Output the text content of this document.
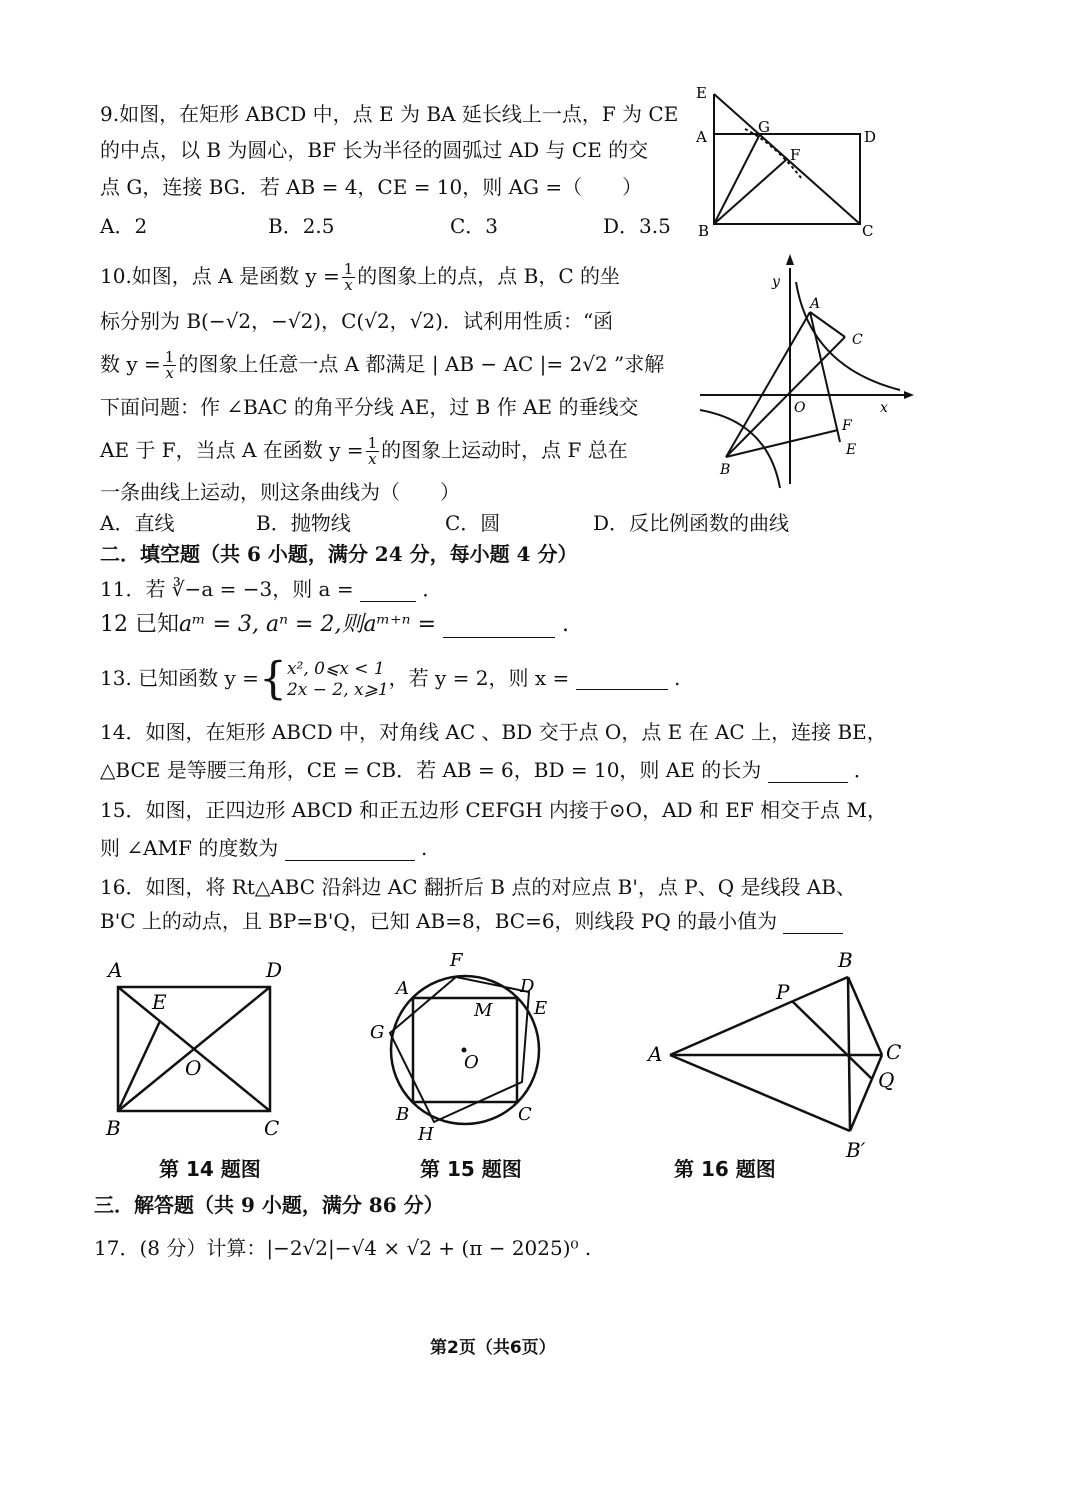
9.如图，在矩形 ABCD 中，点 E 为 BA 延长线上一点，F 为 CE
的中点，以 B 为圆心，BF 长为半径的圆弧过 AD 与 CE 的交
点 G，连接 BG．若 AB = 4，CE = 10，则 AG =（　　）
A．2	B．2.5	C．3	D．3.5
E
A
G
D
F
B	C
10.如图，点 A 是函数 $y = \frac{1}{x}$ 的图象上的点，点 B，C 的坐
标分别为 B(−√2，−√2)，C(√2，√2)．试利用性质：“函
数 $y = \frac{1}{x}$ 的图象上任意一点 A 都满足 | AB − AC |= 2√2 ”求解
下面问题：作 ∠BAC 的角平分线 AE，过 B 作 AE 的垂线交
AE 于 F，当点 A 在函数 $y = \frac{1}{x}$ 的图象上运动时，点 F 总在
一条曲线上运动，则这条曲线为（　　）
A．直线	B．抛物线	C．圆	D．反比例函数的曲线
y
A
C
O	x
F
E
B
二．填空题（共 6 小题，满分 24 分，每小题 4 分）
11．若 ∛−a = −3，则 a =	．
12 已知aᵐ = 3, aⁿ = 2,则aᵐ⁺ⁿ =	.
13. 已知函数 y ={ x², 0⩽x < 1
2x − 2, x⩾1 ，若 y = 2，则 x =	.
14．如图，在矩形 ABCD 中，对角线 AC 、BD 交于点 O，点 E 在 AC 上，连接 BE，
△BCE 是等腰三角形，CE = CB．若 AB = 6，BD = 10，则 AE 的长为	．
15．如图，正四边形 ABCD 和正五边形 CEFGH 内接于⊙O，AD 和 EF 相交于点 M，
则 ∠AMF 的度数为	.
16．如图，将 Rt△ABC 沿斜边 AC 翻折后 B 点的对应点 B'，点 P、Q 是线段 AB、
B'C 上的动点，且 BP=B'Q，已知 AB=8，BC=6，则线段 PQ 的最小值为
A	D
E
O
B	C
第 14 题图
F
A	D
M E
G
O
B	C
H
第 15 题图
B
P
A	C
Q
B′
第 16 题图
三．解答题（共 9 小题，满分 86 分）
17．(8 分）计算：|−2√2|−√4 × √2 + (π − 2025)⁰ .
第2页（共6页）
